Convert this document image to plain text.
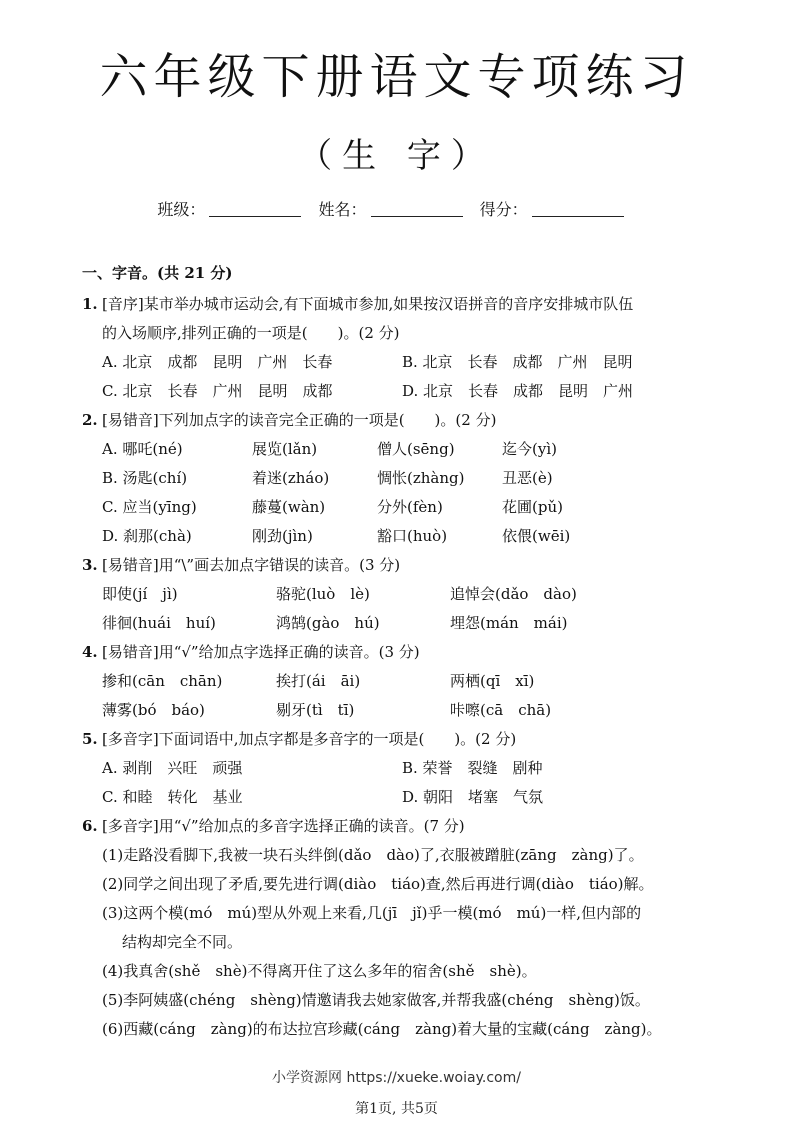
六年级下册语文专项练习
（生 字）
班级：	姓名：	得分：
一、字音。(共 21 分)
1. [音序]某市举办城市运动会,有下面城市参加,如果按汉语拼音的音序安排城市队伍
的入场顺序,排列正确的一项是(　　)。(2 分)
A. 北京　成都　昆明　广州　长春	B. 北京　长春　成都　广州　昆明
C. 北京　长春　广州　昆明　成都	D. 北京　长春　成都　昆明　广州
2. [易错音]下列加点字的读音完全正确的一项是(　　)。(2 分)
A. 哪吒(né)	展览(lǎn)	僧人(sēng)	迄今(yì)
B. 汤匙(chí)	着迷(zháo)	惆怅(zhàng)	丑恶(è)
C. 应当(yīng)	藤蔓(wàn)	分外(fèn)	花圃(pǔ)
D. 刹那(chà)	刚劲(jìn)	豁口(huò)	依偎(wēi)
3. [易错音]用“\”画去加点字错误的读音。(3 分)
即使(jí　jì)	骆驼(luò　lè)	追悼会(dǎo　dào)
徘徊(huái　huí)	鸿鹄(gào　hú)	埋怨(mán　mái)
4. [易错音]用“√”给加点字选择正确的读音。(3 分)
掺和(cān　chān)	挨打(ái　āi)	两栖(qī　xī)
薄雾(bó　báo)	剔牙(tì　tī)	咔嚓(cā　chā)
5. [多音字]下面词语中,加点字都是多音字的一项是(　　)。(2 分)
A. 剥削　兴旺　顽强	B. 荣誉　裂缝　剧种
C. 和睦　转化　基业	D. 朝阳　堵塞　气氛
6. [多音字]用“√”给加点的多音字选择正确的读音。(7 分)
(1)走路没看脚下,我被一块石头绊倒(dǎo　dào)了,衣服被蹭脏(zāng　zàng)了。
(2)同学之间出现了矛盾,要先进行调(diào　tiáo)查,然后再进行调(diào　tiáo)解。
(3)这两个模(mó　mú)型从外观上来看,几(jī　jǐ)乎一模(mó　mú)一样,但内部的
结构却完全不同。
(4)我真舍(shě　shè)不得离开住了这么多年的宿舍(shě　shè)。
(5)李阿姨盛(chéng　shèng)情邀请我去她家做客,并帮我盛(chéng　shèng)饭。
(6)西藏(cáng　zàng)的布达拉宫珍藏(cáng　zàng)着大量的宝藏(cáng　zàng)。
小学资源网 https://xueke.woiay.com/
第1页, 共5页
